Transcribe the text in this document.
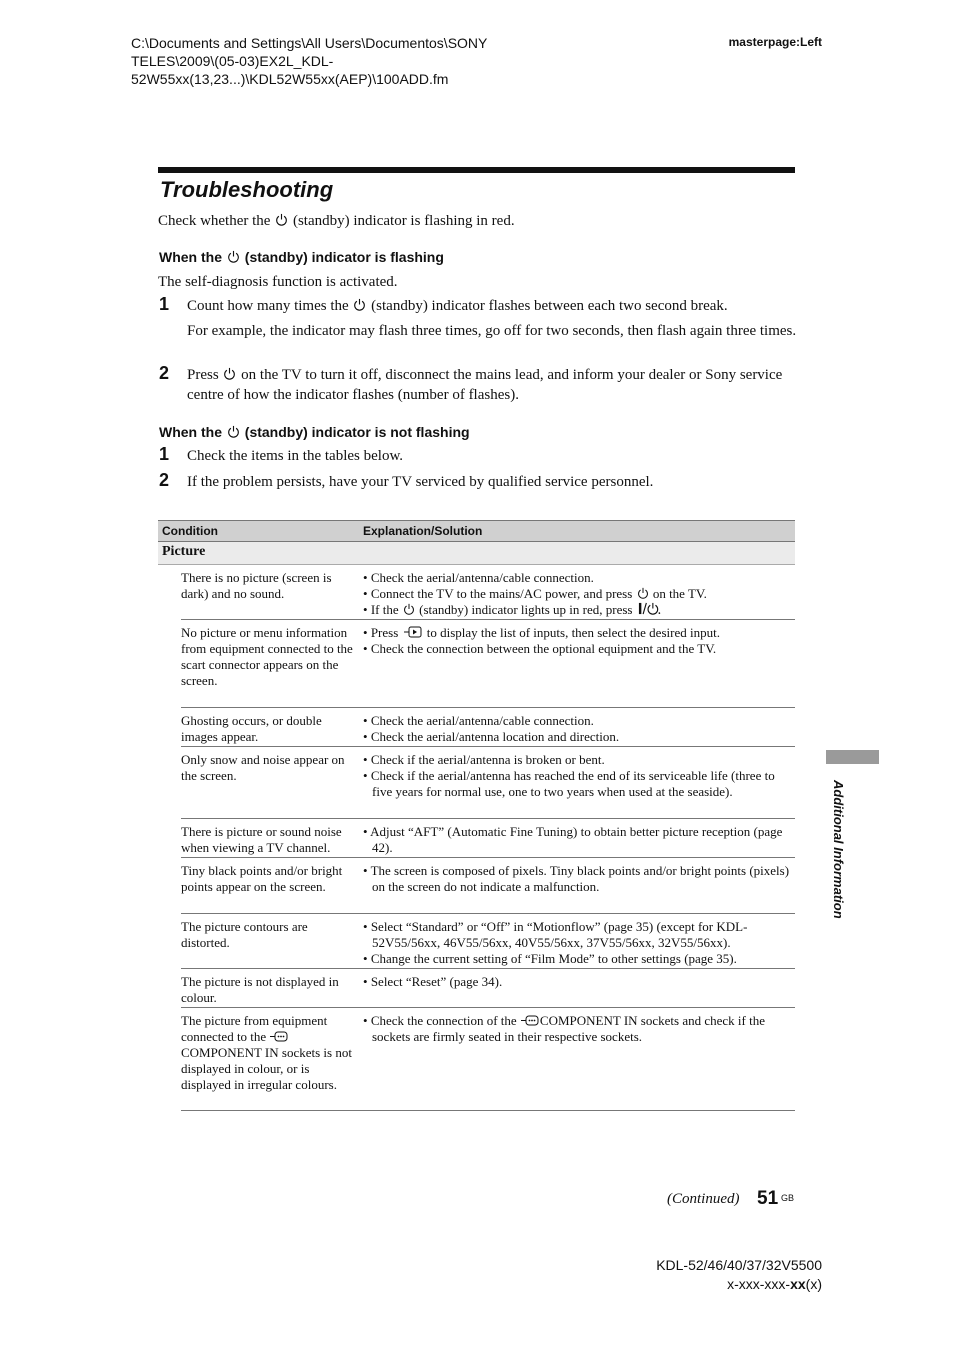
C:\Documents and Settings\All Users\Documentos\SONY
TELES\2009\(05-03)EX2L_KDL-
52W55xx(13,23...)\KDL52W55xx(AEP)\100ADD.fm
masterpage:Left
Troubleshooting
Check whether the (standby) indicator is flashing in red.
When the (standby) indicator is flashing
The self-diagnosis function is activated.
1 Count how many times the (standby) indicator flashes between each two second break.
For example, the indicator may flash three times, go off for two seconds, then flash again three times.
2 Press on the TV to turn it off, disconnect the mains lead, and inform your dealer or Sony service centre of how the indicator flashes (number of flashes).
When the (standby) indicator is not flashing
1 Check the items in the tables below.
2 If the problem persists, have your TV serviced by qualified service personnel.
Condition	Explanation/Solution
Picture
There is no picture (screen is dark) and no sound.
• Check the aerial/antenna/cable connection.
• Connect the TV to the mains/AC power, and press on the TV.
• If the (standby) indicator lights up in red, press
No picture or menu information from equipment connected to the scart connector appears on the screen.
• Press to display the list of inputs, then select the desired input.
• Check the connection between the optional equipment and the TV.
Ghosting occurs, or double images appear.
• Check the aerial/antenna/cable connection.
• Check the aerial/antenna location and direction.
Only snow and noise appear on the screen.
• Check if the aerial/antenna is broken or bent.
• Check if the aerial/antenna has reached the end of its serviceable life (three to five years for normal use, one to two years when used at the seaside).
There is picture or sound noise when viewing a TV channel.
• Adjust “AFT” (Automatic Fine Tuning) to obtain better picture reception (page 42).
Tiny black points and/or bright points appear on the screen.
• The screen is composed of pixels. Tiny black points and/or bright points (pixels) on the screen do not indicate a malfunction.
The picture contours are distorted.
• Select “Standard” or “Off” in “Motionflow” (page 35) (except for KDL-52V55/56xx, 46V55/56xx, 40V55/56xx, 37V55/56xx, 32V55/56xx).
• Change the current setting of “Film Mode” to other settings (page 35).
The picture is not displayed in colour.
• Select “Reset” (page 34).
The picture from equipment connected to the COMPONENT IN sockets is not displayed in colour, or is displayed in irregular colours.
• Check the connection of the COMPONENT IN sockets and check if the sockets are firmly seated in their respective sockets.
Additional Information
(Continued) 51 GB
KDL-52/46/40/37/32V5500
x-xxx-xxx-xx(x)
